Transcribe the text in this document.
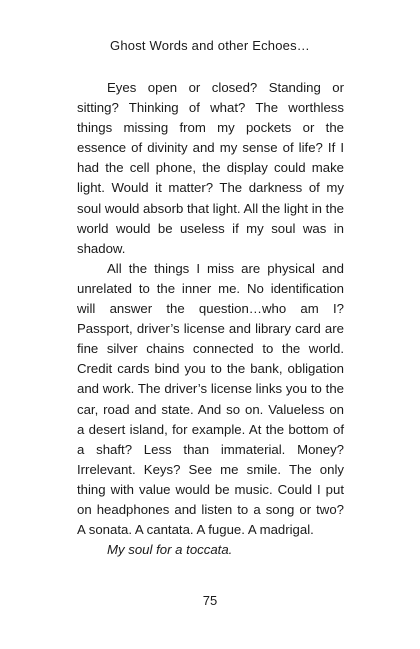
Ghost Words and other Echoes…

Eyes open or closed? Standing or sitting? Thinking of what? The worthless things missing from my pockets or the essence of divinity and my sense of life? If I had the cell phone, the display could make light. Would it matter? The darkness of my soul would absorb that light. All the light in the world would be useless if my soul was in shadow.

All the things I miss are physical and unrelated to the inner me. No identification will answer the question…who am I? Passport, driver’s license and library card are fine silver chains connected to the world. Credit cards bind you to the bank, obligation and work. The driver’s license links you to the car, road and state. And so on. Valueless on a desert island, for example. At the bottom of a shaft? Less than immaterial. Money? Irrelevant. Keys? See me smile. The only thing with value would be music. Could I put on headphones and listen to a song or two? A sonata. A cantata. A fugue. A madrigal.

My soul for a toccata.

75
